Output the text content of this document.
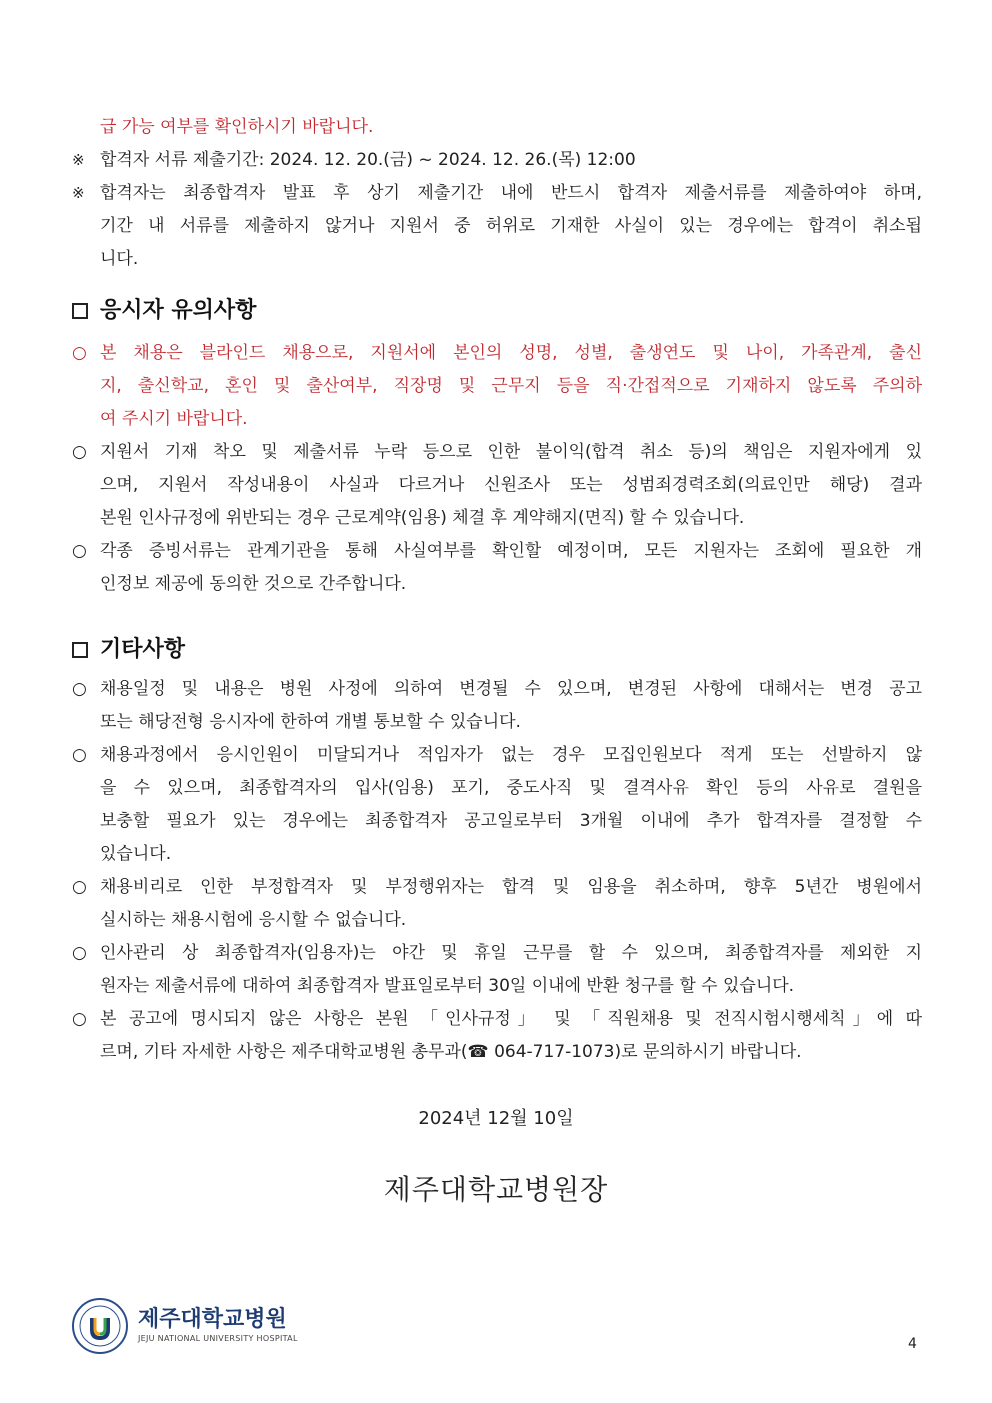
급 가능 여부를 확인하시기 바랍니다.
※ 합격자 서류 제출기간: 2024. 12. 20.(금) ~ 2024. 12. 26.(목) 12:00
※ 합격자는 최종합격자 발표 후 상기 제출기간 내에 반드시 합격자 제출서류를 제출하여야 하며,
기간 내 서류를 제출하지 않거나 지원서 중 허위로 기재한 사실이 있는 경우에는 합격이 취소됩
니다.
응시자 유의사항
○ 본 채용은 블라인드 채용으로, 지원서에 본인의 성명, 성별, 출생연도 및 나이, 가족관계, 출신
지, 출신학교, 혼인 및 출산여부, 직장명 및 근무지 등을 직·간접적으로 기재하지 않도록 주의하
여 주시기 바랍니다.
○ 지원서 기재 착오 및 제출서류 누락 등으로 인한 불이익(합격 취소 등)의 책임은 지원자에게 있
으며, 지원서 작성내용이 사실과 다르거나 신원조사 또는 성범죄경력조회(의료인만 해당) 결과
본원 인사규정에 위반되는 경우 근로계약(임용) 체결 후 계약해지(면직) 할 수 있습니다.
○ 각종 증빙서류는 관계기관을 통해 사실여부를 확인할 예정이며, 모든 지원자는 조회에 필요한 개
인정보 제공에 동의한 것으로 간주합니다.
기타사항
○ 채용일정 및 내용은 병원 사정에 의하여 변경될 수 있으며, 변경된 사항에 대해서는 변경 공고
또는 해당전형 응시자에 한하여 개별 통보할 수 있습니다.
○ 채용과정에서 응시인원이 미달되거나 적임자가 없는 경우 모집인원보다 적게 또는 선발하지 않
을 수 있으며, 최종합격자의 입사(임용) 포기, 중도사직 및 결격사유 확인 등의 사유로 결원을
보충할 필요가 있는 경우에는 최종합격자 공고일로부터 3개월 이내에 추가 합격자를 결정할 수
있습니다.
○ 채용비리로 인한 부정합격자 및 부정행위자는 합격 및 임용을 취소하며, 향후 5년간 병원에서
실시하는 채용시험에 응시할 수 없습니다.
○ 인사관리 상 최종합격자(임용자)는 야간 및 휴일 근무를 할 수 있으며, 최종합격자를 제외한 지
원자는 제출서류에 대하여 최종합격자 발표일로부터 30일 이내에 반환 청구를 할 수 있습니다.
○ 본 공고에 명시되지 않은 사항은 본원 「인사규정」 및 「직원채용 및 전직시험시행세칙」에 따
르며, 기타 자세한 사항은 제주대학교병원 총무과(☎ 064-717-1073)로 문의하시기 바랍니다.
2024년 12월 10일
제주대학교병원장
제주대학교병원
JEJU NATIONAL UNIVERSITY HOSPITAL	4
